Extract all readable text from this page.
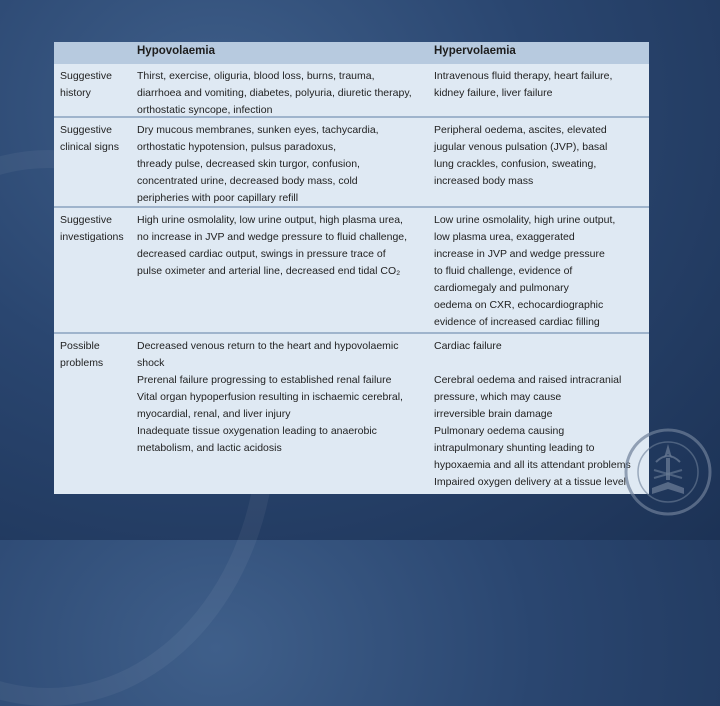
Hypovolaemia	Hypervolaemia
Suggestive
history
Thirst, exercise, oliguria, blood loss, burns, trauma,
diarrhoea and vomiting, diabetes, polyuria, diuretic therapy,
orthostatic syncope, infection
Intravenous fluid therapy, heart failure,
kidney failure, liver failure
Suggestive
clinical signs
Dry mucous membranes, sunken eyes, tachycardia,
orthostatic hypotension, pulsus paradoxus,
thready pulse, decreased skin turgor, confusion,
concentrated urine, decreased body mass, cold
peripheries with poor capillary refill
Peripheral oedema, ascites, elevated
jugular venous pulsation (JVP), basal
lung crackles, confusion, sweating,
increased body mass
Suggestive
investigations
High urine osmolality, low urine output, high plasma urea,
no increase in JVP and wedge pressure to fluid challenge,
decreased cardiac output, swings in pressure trace of
pulse oximeter and arterial line, decreased end tidal CO₂
Low urine osmolality, high urine output,
low plasma urea, exaggerated
increase in JVP and wedge pressure
to fluid challenge, evidence of
cardiomegaly and pulmonary
oedema on CXR, echocardiographic
evidence of increased cardiac filling
Possible
problems
Decreased venous return to the heart and hypovolaemic
shock
Prerenal failure progressing to established renal failure
Vital organ hypoperfusion resulting in ischaemic cerebral,
myocardial, renal, and liver injury
Inadequate tissue oxygenation leading to anaerobic
metabolism, and lactic acidosis
Cardiac failure
Cerebral oedema and raised intracranial
pressure, which may cause
irreversible brain damage
Pulmonary oedema causing
intrapulmonary shunting leading to
hypoxaemia and all its attendant problems
Impaired oxygen delivery at a tissue level
